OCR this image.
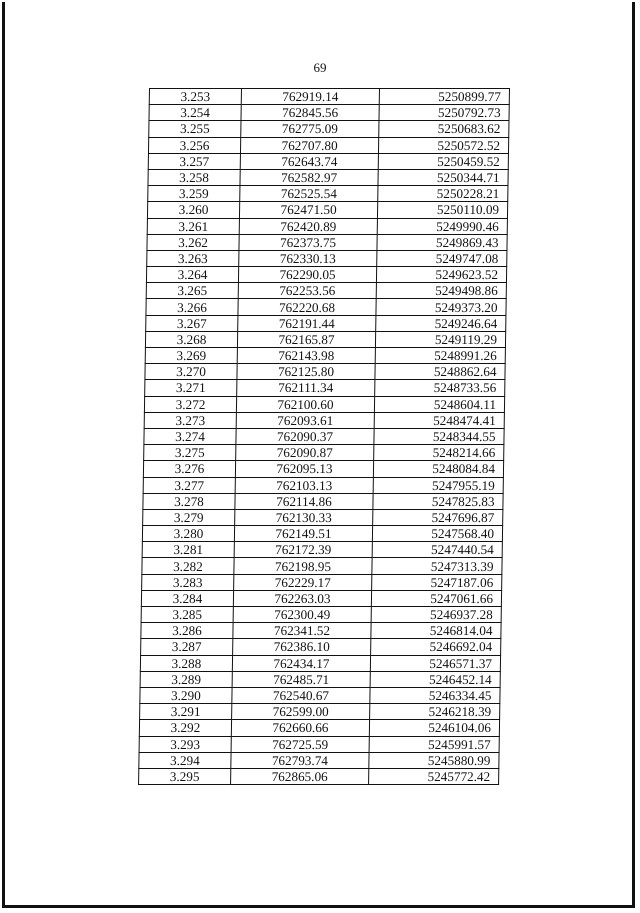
69
3.253	762919.14	5250899.77
3.254	762845.56	5250792.73
3.255	762775.09	5250683.62
3.256	762707.80	5250572.52
3.257	762643.74	5250459.52
3.258	762582.97	5250344.71
3.259	762525.54	5250228.21
3.260	762471.50	5250110.09
3.261	762420.89	5249990.46
3.262	762373.75	5249869.43
3.263	762330.13	5249747.08
3.264	762290.05	5249623.52
3.265	762253.56	5249498.86
3.266	762220.68	5249373.20
3.267	762191.44	5249246.64
3.268	762165.87	5249119.29
3.269	762143.98	5248991.26
3.270	762125.80	5248862.64
3.271	762111.34	5248733.56
3.272	762100.60	5248604.11
3.273	762093.61	5248474.41
3.274	762090.37	5248344.55
3.275	762090.87	5248214.66
3.276	762095.13	5248084.84
3.277	762103.13	5247955.19
3.278	762114.86	5247825.83
3.279	762130.33	5247696.87
3.280	762149.51	5247568.40
3.281	762172.39	5247440.54
3.282	762198.95	5247313.39
3.283	762229.17	5247187.06
3.284	762263.03	5247061.66
3.285	762300.49	5246937.28
3.286	762341.52	5246814.04
3.287	762386.10	5246692.04
3.288	762434.17	5246571.37
3.289	762485.71	5246452.14
3.290	762540.67	5246334.45
3.291	762599.00	5246218.39
3.292	762660.66	5246104.06
3.293	762725.59	5245991.57
3.294	762793.74	5245880.99
3.295	762865.06	5245772.42
